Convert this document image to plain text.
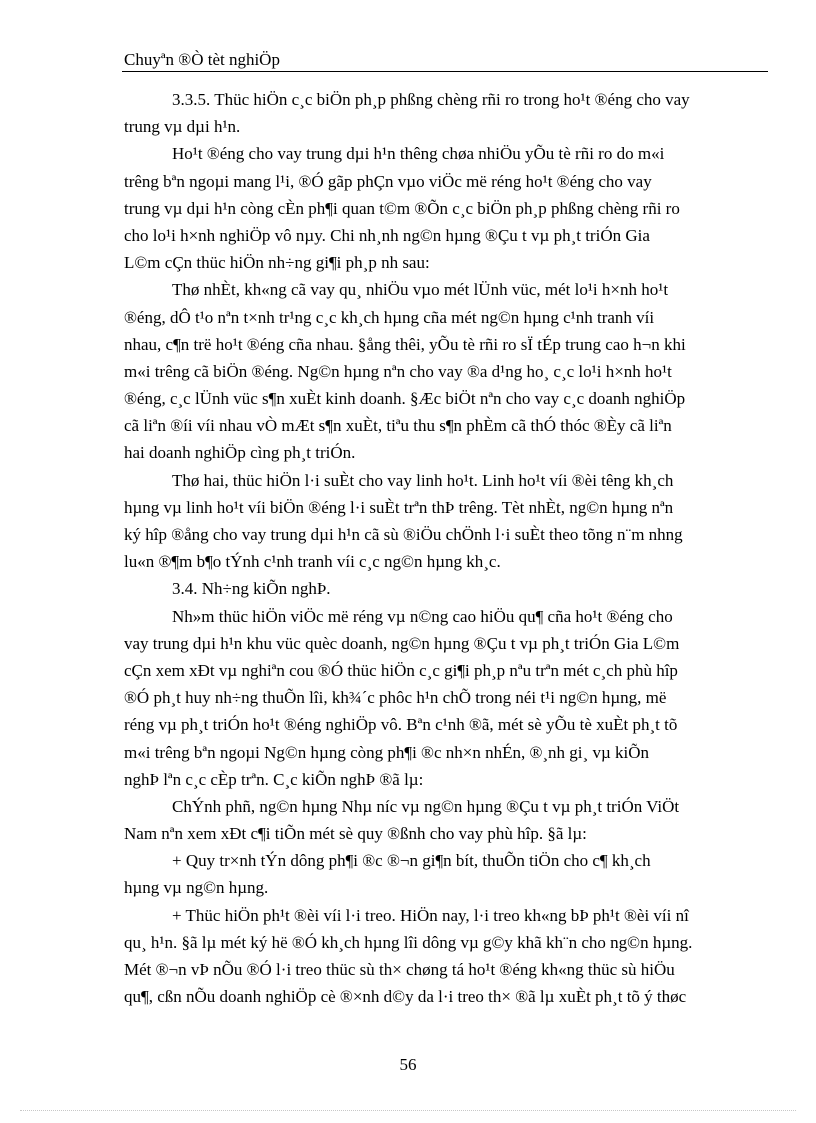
Chuyªn ®Ò tèt nghiÖp
3.3.5. Thüc hiÖn c¸c biÖn ph¸p phßng chèng rñi ro trong ho¹t ®éng cho vay
trung vµ dµi h¹n.
Ho¹t ®éng cho vay trung dµi h¹n thêng chøa nhiÖu yÕu tè rñi ro do m«i
trêng bªn ngoµi mang l¹i, ®Ó gãp phÇn vµo viÖc më réng ho¹t ®éng cho vay
trung vµ dµi h¹n còng cÈn ph¶i quan t©m ®Õn c¸c biÖn ph¸p phßng chèng rñi ro
cho lo¹i h×nh nghiÖp vô nµy. Chi nh¸nh ng©n hµng ®Çu t vµ ph¸t triÓn Gia
L©m cÇn thüc hiÖn nh÷ng gi¶i ph¸p nh sau:
Thø nhÈt, kh«ng cã vay qu¸ nhiÖu vµo mét lÜnh vüc, mét lo¹i h×nh ho¹t
®éng, dÔ t¹o nªn t×nh tr¹ng c¸c kh¸ch hµng cña mét ng©n hµng c¹nh tranh víi
nhau, c¶n trë ho¹t ®éng cña nhau. §ång thêi, yÕu tè rñi ro sÏ tÉp trung cao h¬n khi
m«i trêng cã biÖn ®éng. Ng©n hµng nªn cho vay ®a d¹ng ho¸ c¸c lo¹i h×nh ho¹t
®éng, c¸c lÜnh vüc s¶n xuÈt kinh doanh. §Æc biÖt nªn cho vay c¸c doanh nghiÖp
cã liªn ®íi víi nhau vÒ mÆt s¶n xuÈt, tiªu thu s¶n phÈm cã thÓ thóc ®Èy cã liªn
hai doanh nghiÖp cìng ph¸t triÓn.
Thø hai, thüc hiÖn l·i suÈt cho vay linh ho¹t. Linh ho¹t víi ®èi têng kh¸ch
hµng vµ linh ho¹t víi biÖn ®éng l·i suÈt trªn thÞ trêng. Tèt nhÈt, ng©n hµng nªn
ký hîp ®ång cho vay trung dµi h¹n cã sù ®iÖu chÖnh l·i suÈt theo tõng n¨m nhng
lu«n ®¶m b¶o tÝnh c¹nh tranh víi c¸c ng©n hµng kh¸c.
3.4. Nh÷ng kiÕn nghÞ.
Nh»m thüc hiÖn viÖc më réng vµ n©ng cao hiÖu qu¶ cña ho¹t ®éng cho
vay trung dµi h¹n khu vüc quèc doanh, ng©n hµng ®Çu t vµ ph¸t triÓn Gia L©m
cÇn xem xÐt vµ nghiªn cou ®Ó thüc hiÖn c¸c gi¶i ph¸p nªu trªn mét c¸ch phù hîp
®Ó ph¸t huy nh÷ng thuÕn lîi, kh¾´c phôc h¹n chÕ trong néi t¹i ng©n hµng, më
réng vµ ph¸t triÓn ho¹t ®éng nghiÖp vô. Bªn c¹nh ®ã, mét sè yÕu tè xuÈt ph¸t tõ
m«i trêng bªn ngoµi Ng©n hµng còng ph¶i ®c nh×n nhÉn, ®¸nh gi¸ vµ kiÕn
nghÞ lªn c¸c cÈp trªn. C¸c kiÕn nghÞ ®ã lµ:
ChÝnh phñ, ng©n hµng Nhµ níc vµ ng©n hµng ®Çu t vµ ph¸t triÓn ViÖt
Nam nªn xem xÐt c¶i tiÕn mét sè quy ®ßnh cho vay phù hîp. §ã lµ:
+ Quy tr×nh tÝn dông ph¶i ®c ®¬n gi¶n bít, thuÕn tiÖn cho c¶ kh¸ch
hµng vµ ng©n hµng.
+ Thüc hiÖn ph¹t ®èi víi l·i treo. HiÖn nay, l·i treo kh«ng bÞ ph¹t ®èi víi nî
qu¸ h¹n. §ã lµ mét ký hë ®Ó kh¸ch hµng lîi dông vµ g©y khã kh¨n cho ng©n hµng.
Mét ®¬n vÞ nÕu ®Ó l·i treo thüc sù th× chøng tá ho¹t ®éng kh«ng thüc sù hiÖu
qu¶, cßn nÕu doanh nghiÖp cè ®×nh d©y da l·i treo th× ®ã lµ xuÈt ph¸t tõ ý thøc
56
